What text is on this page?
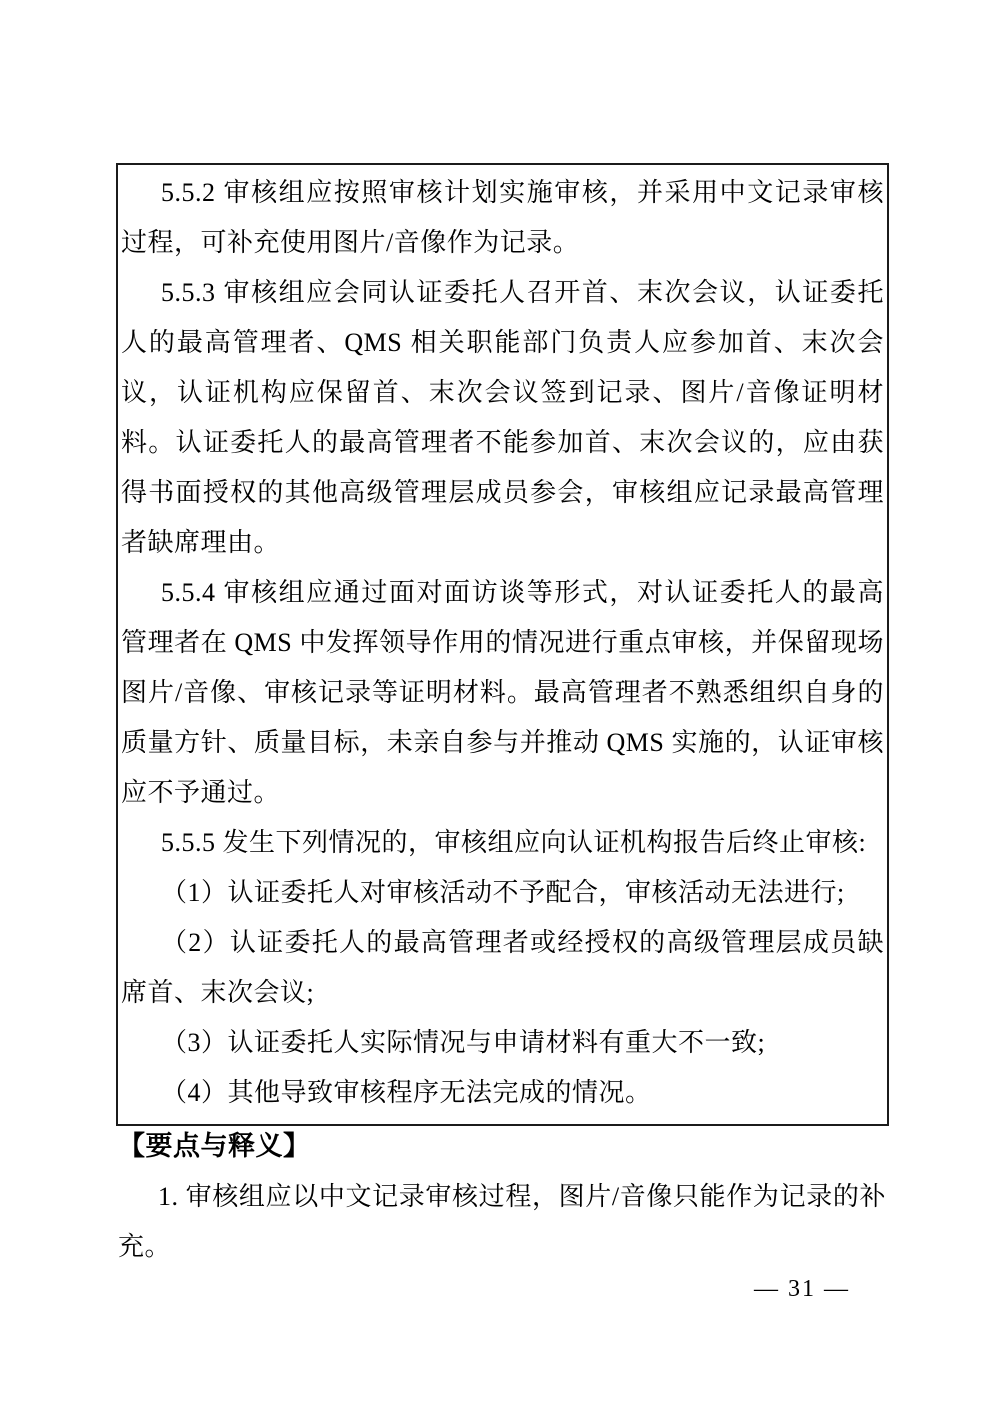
5.5.2 审核组应按照审核计划实施审核，并采用中文记录审核过程，可补充使用图片/音像作为记录。

5.5.3 审核组应会同认证委托人召开首、末次会议，认证委托人的最高管理者、QMS 相关职能部门负责人应参加首、末次会议，认证机构应保留首、末次会议签到记录、图片/音像证明材料。认证委托人的最高管理者不能参加首、末次会议的，应由获得书面授权的其他高级管理层成员参会，审核组应记录最高管理者缺席理由。

5.5.4 审核组应通过面对面访谈等形式，对认证委托人的最高管理者在 QMS 中发挥领导作用的情况进行重点审核，并保留现场图片/音像、审核记录等证明材料。最高管理者不熟悉组织自身的质量方针、质量目标，未亲自参与并推动 QMS 实施的，认证审核应不予通过。

5.5.5 发生下列情况的，审核组应向认证机构报告后终止审核:

（1）认证委托人对审核活动不予配合，审核活动无法进行;

（2）认证委托人的最高管理者或经授权的高级管理层成员缺席首、末次会议;

（3）认证委托人实际情况与申请材料有重大不一致;

（4）其他导致审核程序无法完成的情况。

【要点与释义】

1. 审核组应以中文记录审核过程，图片/音像只能作为记录的补充。

— 31 —
